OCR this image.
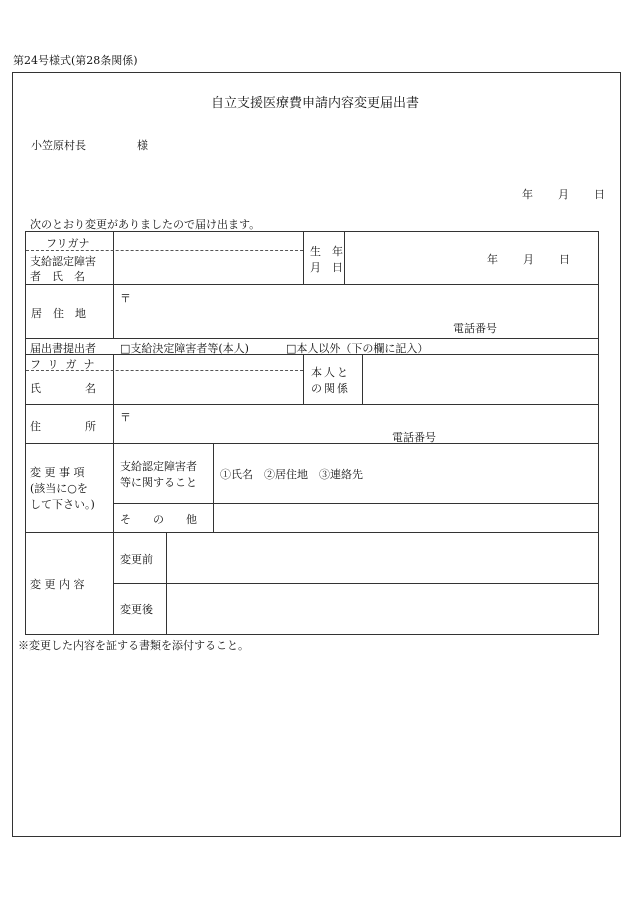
第24号様式(第28条関係)
自立支援医療費申請内容変更届出書
小笠原村長	様
年 月 日
次のとおり変更がありましたので届け出ます。
フリガナ
支給認定障害
者　氏　名
生　年
月　日
年 月 日
居　住　地
〒
電話番号
届出書提出者 □支給決定障害者等(本人)	□本人以外（下の欄に記入）
フリガナ
氏　　　　名
本人と
の関係
住　　　　所
〒
電話番号
変 更 事 項
(該当に○を
して下さい。)
支給認定障害者
等に関すること
①氏名　②居住地　③連絡先
そ　　の　　他
変 更 内 容
変更前
変更後
※変更した内容を証する書類を添付すること。
